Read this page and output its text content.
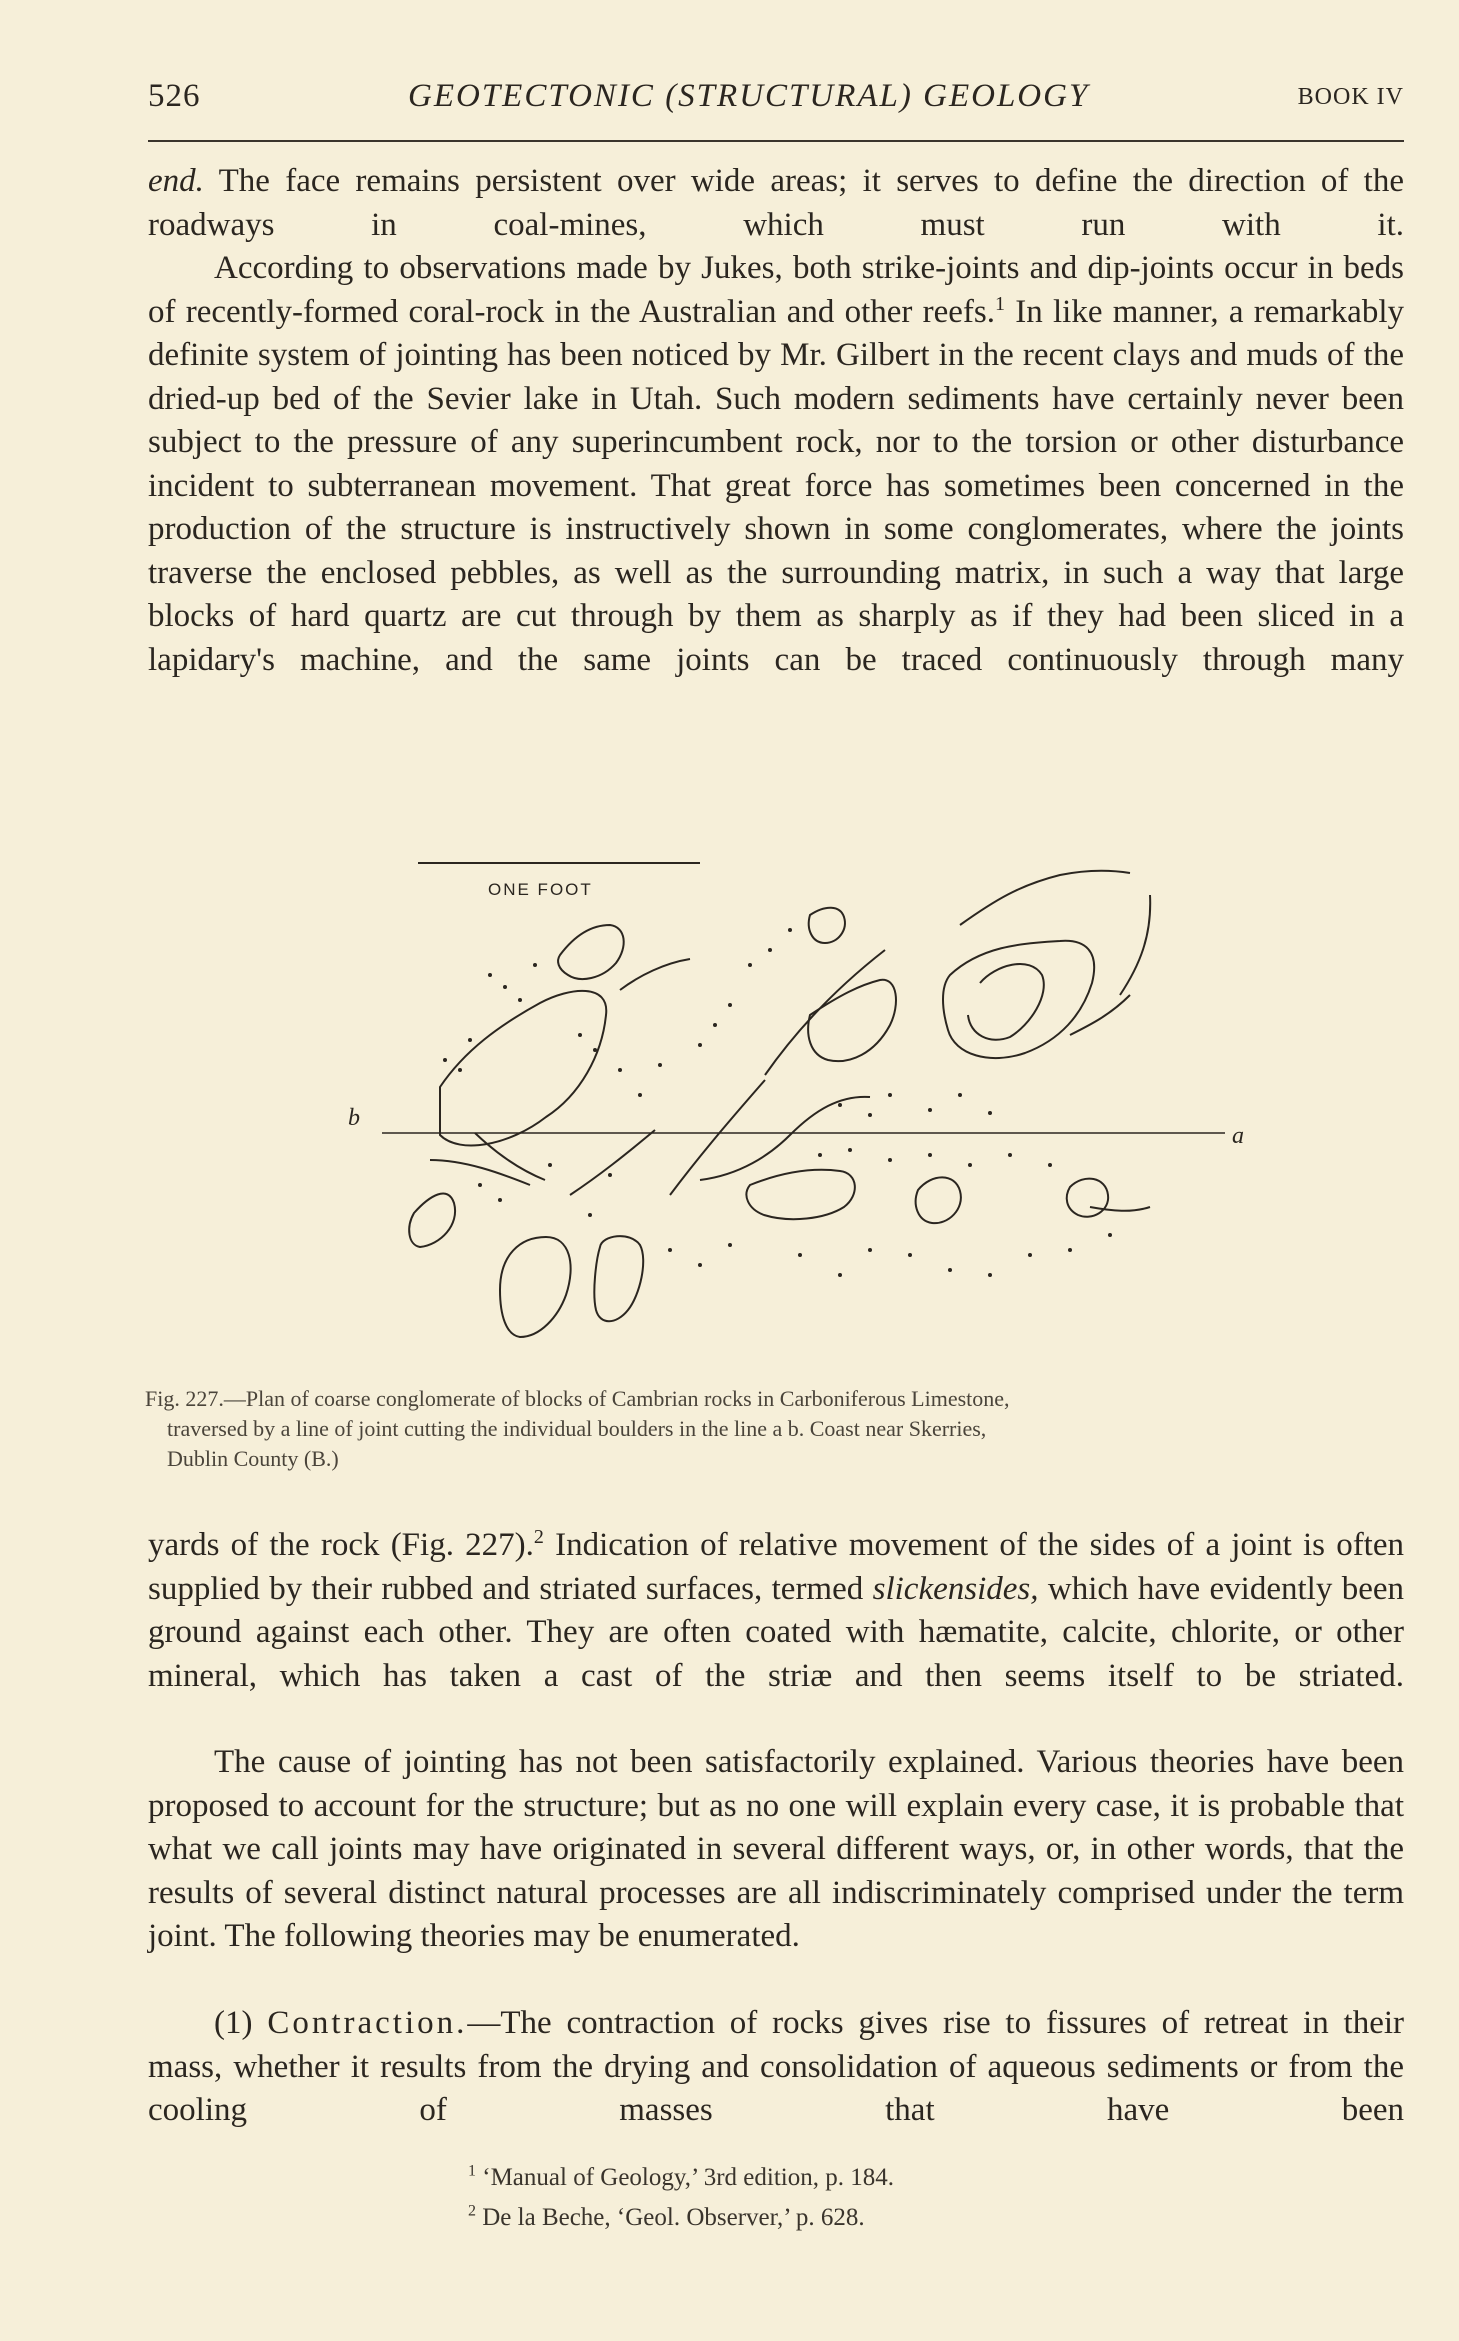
526	GEOTECTONIC (STRUCTURAL) GEOLOGY	BOOK IV

end. The face remains persistent over wide areas; it serves to define the direction of the roadways in coal-mines, which must run with it.

According to observations made by Jukes, both strike-joints and dip-joints occur in beds of recently-formed coral-rock in the Australian and other reefs.$^1$ In like manner, a remarkably definite system of jointing has been noticed by Mr. Gilbert in the recent clays and muds of the dried-up bed of the Sevier lake in Utah. Such modern sediments have certainly never been subject to the pressure of any superincumbent rock, nor to the torsion or other disturbance incident to subterranean movement. That great force has sometimes been concerned in the production of the structure is instructively shown in some conglomerates, where the joints traverse the enclosed pebbles, as well as the surrounding matrix, in such a way that large blocks of hard quartz are cut through by them as sharply as if they had been sliced in a lapidary's machine, and the same joints can be traced continuously through many

ONE FOOT
b
a
Fig. 227.—Plan of coarse conglomerate of blocks of Cambrian rocks in Carboniferous Limestone,
traversed by a line of joint cutting the individual boulders in the line a b. Coast near Skerries,
Dublin County (B.)

yards of the rock (Fig. 227).$^2$ Indication of relative movement of the sides of a joint is often supplied by their rubbed and striated surfaces, termed slickensides, which have evidently been ground against each other. They are often coated with hæmatite, calcite, chlorite, or other mineral, which has taken a cast of the striæ and then seems itself to be striated.

The cause of jointing has not been satisfactorily explained. Various theories have been proposed to account for the structure; but as no one will explain every case, it is probable that what we call joints may have originated in several different ways, or, in other words, that the results of several distinct natural processes are all indiscriminately comprised under the term joint. The following theories may be enumerated.

(1) Contraction.—The contraction of rocks gives rise to fissures of retreat in their mass, whether it results from the drying and consolidation of aqueous sediments or from the cooling of masses that have been

$^1$ ‘Manual of Geology,’ 3rd edition, p. 184.
$^2$ De la Beche, ‘Geol. Observer,’ p. 628.
